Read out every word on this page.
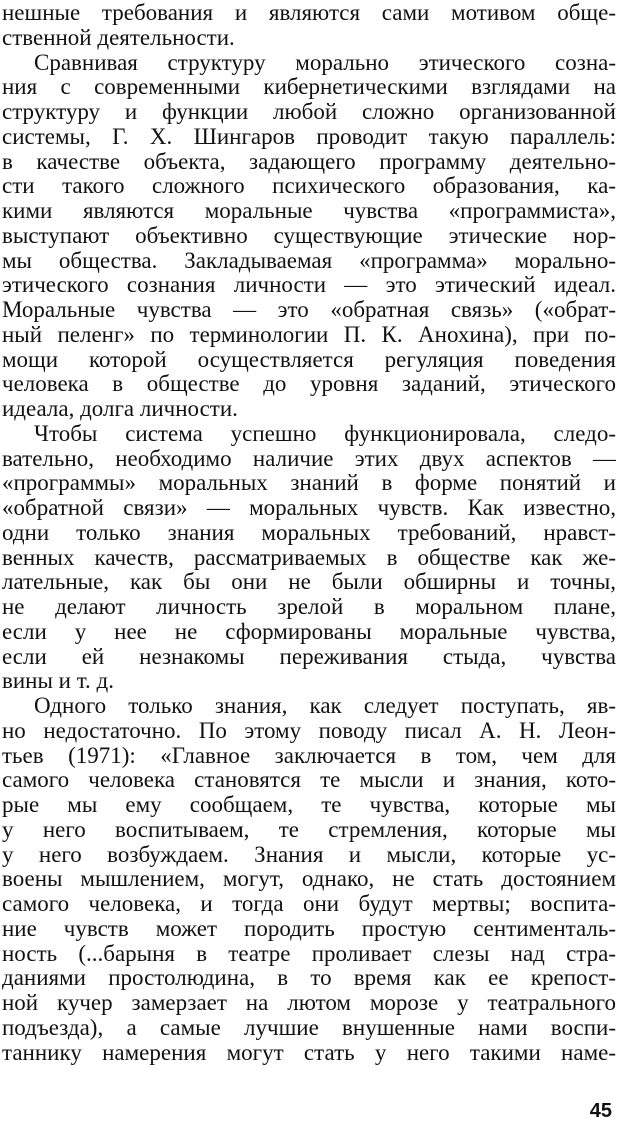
нешные требования и являются сами мотивом обще-
ственной деятельности.
Сравнивая структуру морально этического созна-
ния с современными кибернетическими взглядами на
структуру и функции любой сложно организованной
системы, Г. Х. Шингаров проводит такую параллель:
в качестве объекта, задающего программу деятельно-
сти такого сложного психического образования, ка-
кими являются моральные чувства «программиста»,
выступают объективно существующие этические нор-
мы общества. Закладываемая «программа» морально-
этического сознания личности — это этический идеал.
Моральные чувства — это «обратная связь» («обрат-
ный пеленг» по терминологии П. К. Анохина), при по-
мощи которой осуществляется регуляция поведения
человека в обществе до уровня заданий, этического
идеала, долга личности.
Чтобы система успешно функционировала, следо-
вательно, необходимо наличие этих двух аспектов —
«программы» моральных знаний в форме понятий и
«обратной связи» — моральных чувств. Как известно,
одни только знания моральных требований, нравст-
венных качеств, рассматриваемых в обществе как же-
лательные, как бы они не были обширны и точны,
не делают личность зрелой в моральном плане,
если у нее не сформированы моральные чувства,
если ей незнакомы переживания стыда, чувства
вины и т. д.
Одного только знания, как следует поступать, яв-
но недостаточно. По этому поводу писал А. Н. Леон-
тьев (1971): «Главное заключается в том, чем для
самого человека становятся те мысли и знания, кото-
рые мы ему сообщаем, те чувства, которые мы
у него воспитываем, те стремления, которые мы
у него возбуждаем. Знания и мысли, которые ус-
воены мышлением, могут, однако, не стать достоянием
самого человека, и тогда они будут мертвы; воспита-
ние чувств может породить простую сентименталь-
ность (...барыня в театре проливает слезы над стра-
даниями простолюдина, в то время как ее крепост-
ной кучер замерзает на лютом морозе у театрального
подъезда), а самые лучшие внушенные нами воспи-
таннику намерения могут стать у него такими наме-
45
